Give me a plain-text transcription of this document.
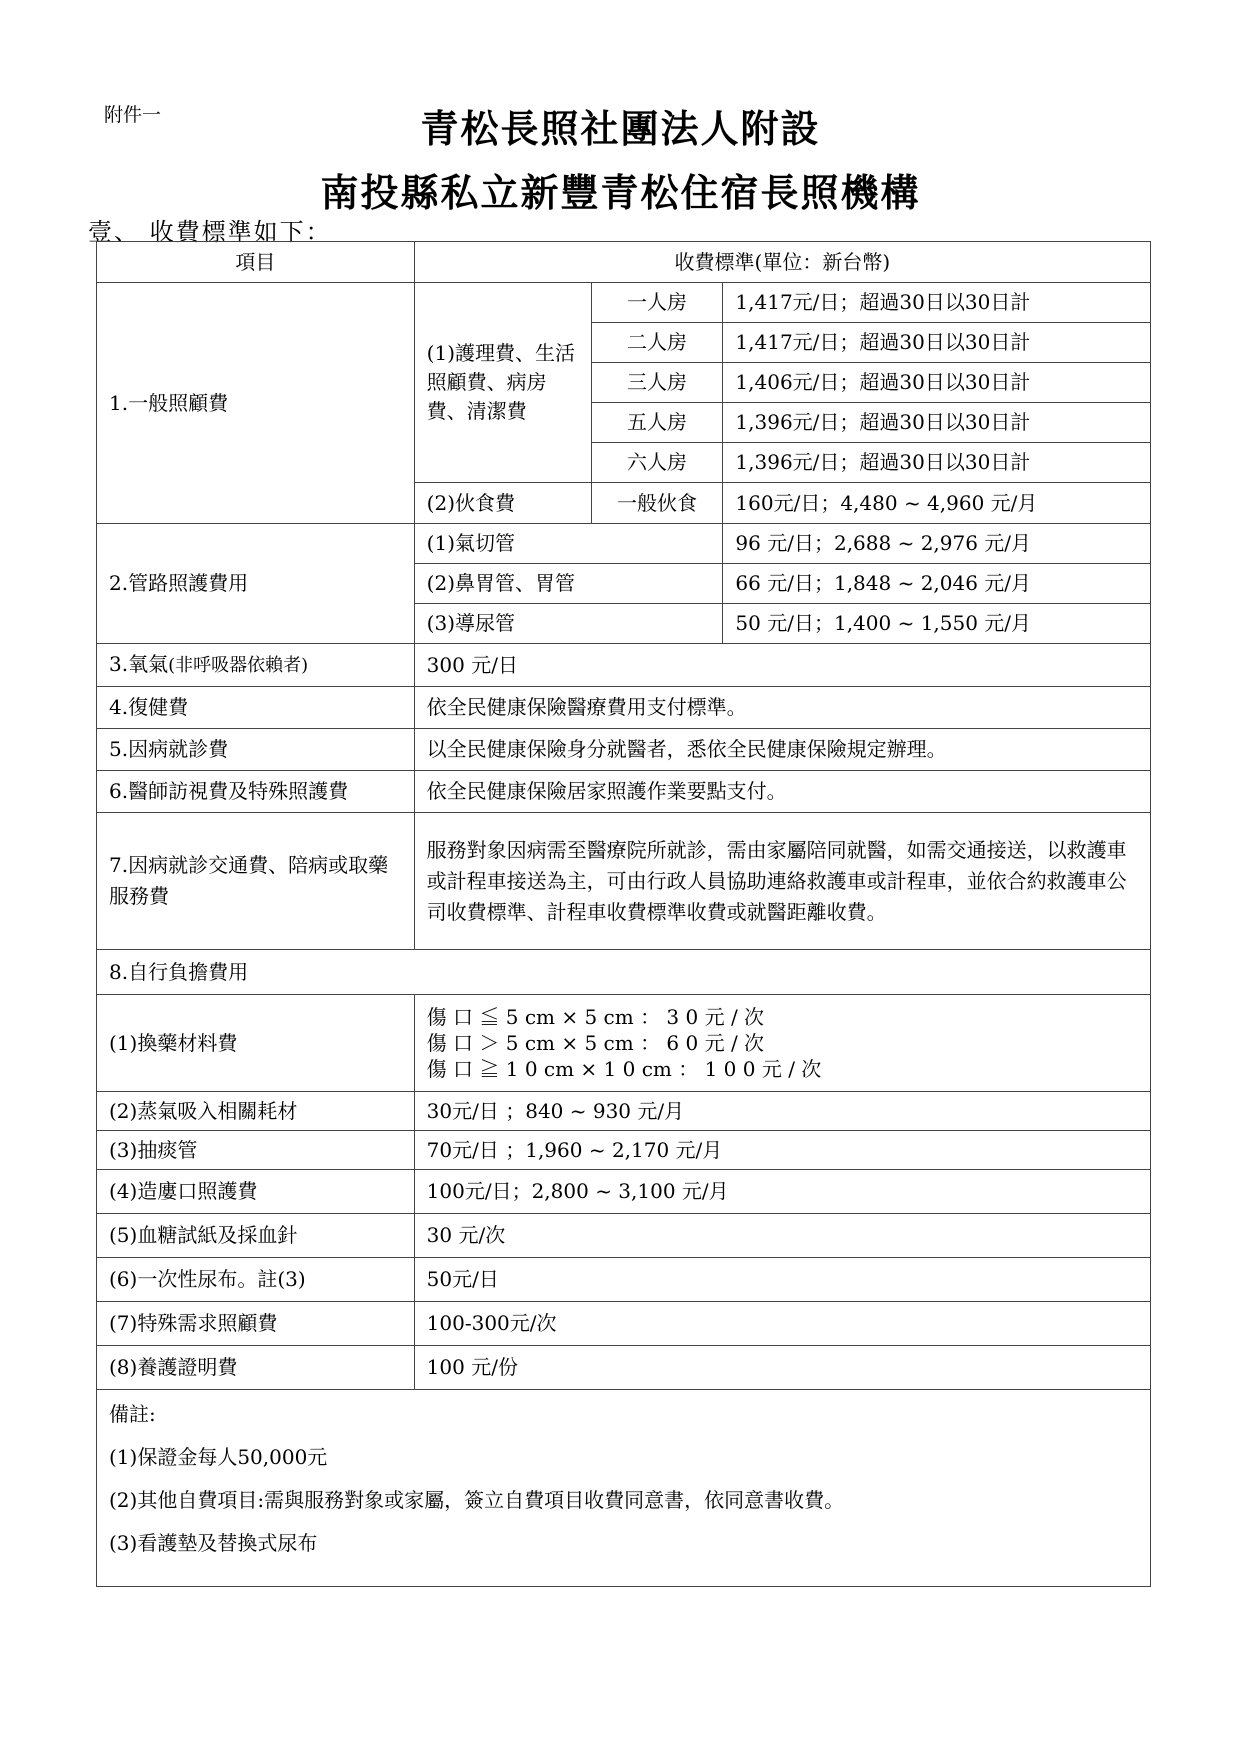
附件一	青松長照社團法人附設
南投縣私立新豐青松住宿長照機構
壹、 收費標準如下：
項目	收費標準(單位：新台幣)		
1.一般照顧費	(1)護理費、生活照顧費、病房費、清潔費	一人房	1,417元/日；超過30日以30日計
		二人房	1,417元/日；超過30日以30日計
		三人房	1,406元/日；超過30日以30日計
		五人房	1,396元/日；超過30日以30日計
		六人房	1,396元/日；超過30日以30日計
	(2)伙食費	一般伙食	160元/日；4,480 ~ 4,960 元/月
2.管路照護費用	(1)氣切管		96 元/日；2,688 ~ 2,976 元/月
	(2)鼻胃管、胃管		66 元/日；1,848 ~ 2,046 元/月
	(3)導尿管		50 元/日；1,400 ~ 1,550 元/月
3.氧氣(非呼吸器依賴者)	300 元/日		
4.復健費	依全民健康保險醫療費用支付標準。		
5.因病就診費	以全民健康保險身分就醫者，悉依全民健康保險規定辦理。		
6.醫師訪視費及特殊照護費	依全民健康保險居家照護作業要點支付。		
7.因病就診交通費、陪病或取藥服務費	服務對象因病需至醫療院所就診，需由家屬陪同就醫，如需交通接送，以救護車或計程車接送為主，可由行政人員協助連絡救護車或計程車，並依合約救護車公司收費標準、計程車收費標準收費或就醫距離收費。		
8.自行負擔費用			
(1)換藥材料費	傷 口 ≦ 5 cm × 5 cm ： 3 0 元 / 次
傷 口 ＞ 5 cm × 5 cm ： 6 0 元 / 次
傷 口 ≧ 1 0 cm × 1 0 cm ： 1 0 0 元 / 次		

(2)蒸氣吸入相關耗材	30元/日 ；840 ~ 930 元/月		
(3)抽痰管	70元/日 ；1,960 ~ 2,170 元/月		
(4)造廔口照護費	100元/日；2,800 ~ 3,100 元/月		
(5)血糖試紙及採血針	30 元/次		
(6)一次性尿布。註(3)	50元/日		
(7)特殊需求照顧費	100-300元/次		
(8)養護證明費	100 元/份		

備註:
(1)保證金每人50,000元
(2)其他自費項目:需與服務對象或家屬，簽立自費項目收費同意書，依同意書收費。
(3)看護墊及替換式尿布			
